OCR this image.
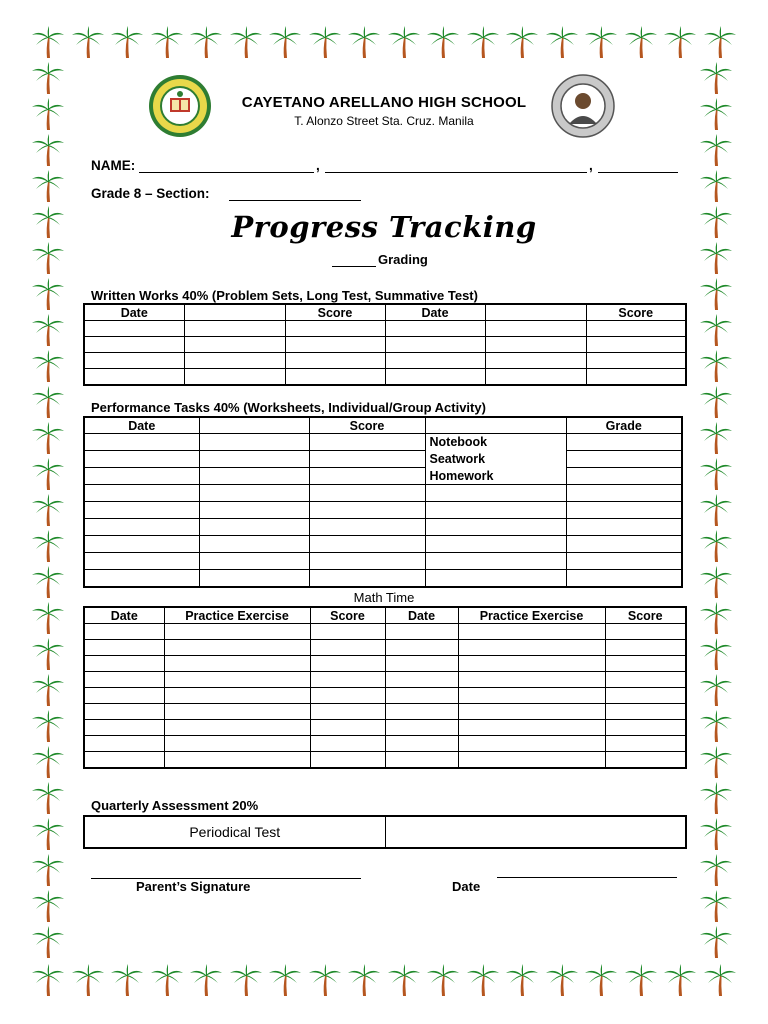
CAYETANO ARELLANO HIGH SCHOOL
T. Alonzo Street Sta. Cruz. Manila
NAME:	,	,
Grade 8 – Section:
Progress Tracking
Grading
Written Works 40% (Problem Sets, Long Test, Summative Test)
Date		Score	Date		Score

Performance Tasks 40% (Worksheets, Individual/Group Activity)
Date		Score		Grade
			Notebook	
			Seatwork	
			Homework	

Math Time
Date	Practice Exercise	Score	Date	Practice Exercise	Score

Quarterly Assessment 20%
Periodical Test	
Parent’s Signature	Date
